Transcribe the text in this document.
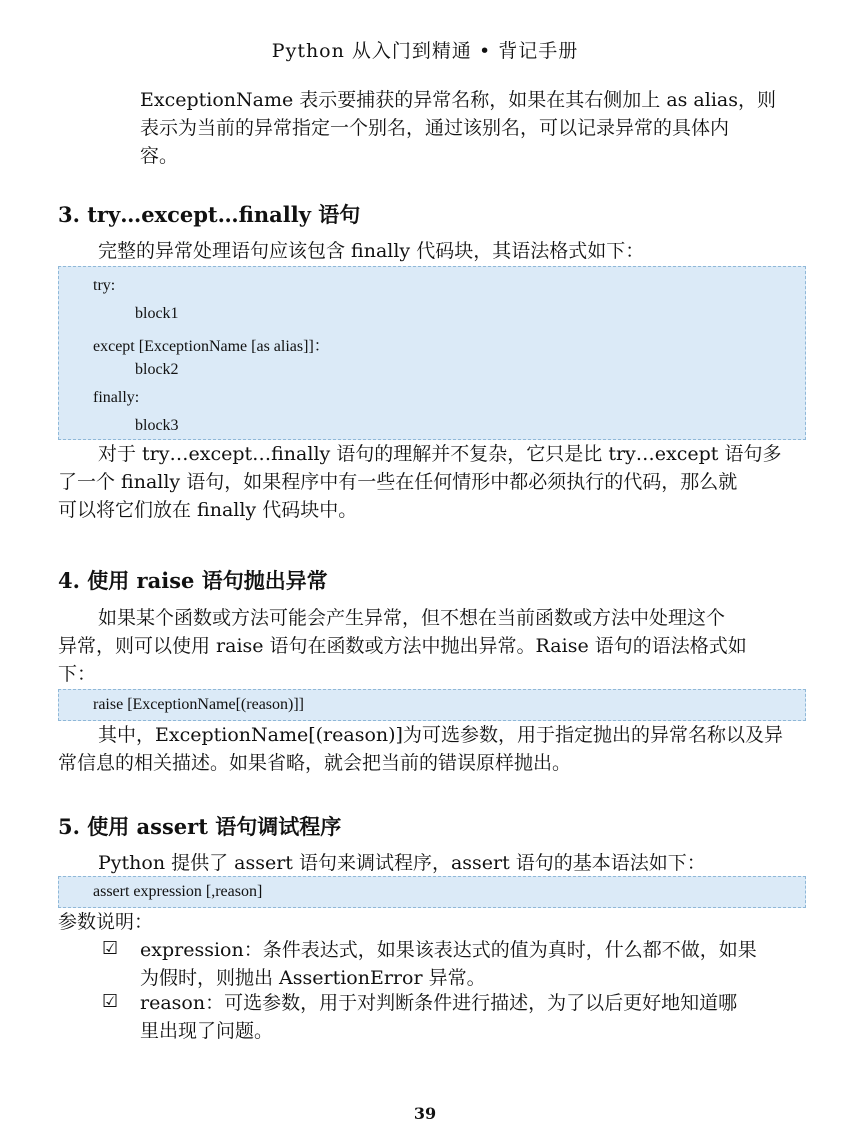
Python 从入门到精通 • 背记手册
ExceptionName 表示要捕获的异常名称，如果在其右侧加上 as alias，则
表示为当前的异常指定一个别名，通过该别名，可以记录异常的具体内
容。
3. try…except…finally 语句
完整的异常处理语句应该包含 finally 代码块，其语法格式如下：
try:
block1
except [ExceptionName [as alias]]：
block2
finally:
block3
对于 try…except…finally 语句的理解并不复杂，它只是比 try…except 语句多
了一个 finally 语句，如果程序中有一些在任何情形中都必须执行的代码，那么就
可以将它们放在 finally 代码块中。
4. 使用 raise 语句抛出异常
如果某个函数或方法可能会产生异常，但不想在当前函数或方法中处理这个
异常，则可以使用 raise 语句在函数或方法中抛出异常。Raise 语句的语法格式如
下：
raise [ExceptionName[(reason)]]
其中，ExceptionName[(reason)]为可选参数，用于指定抛出的异常名称以及异
常信息的相关描述。如果省略，就会把当前的错误原样抛出。
5. 使用 assert 语句调试程序
Python 提供了 assert 语句来调试程序，assert 语句的基本语法如下：
assert expression [,reason]
参数说明：
☑ expression：条件表达式，如果该表达式的值为真时，什么都不做，如果
为假时，则抛出 AssertionError 异常。
☑ reason：可选参数，用于对判断条件进行描述，为了以后更好地知道哪
里出现了问题。
39
